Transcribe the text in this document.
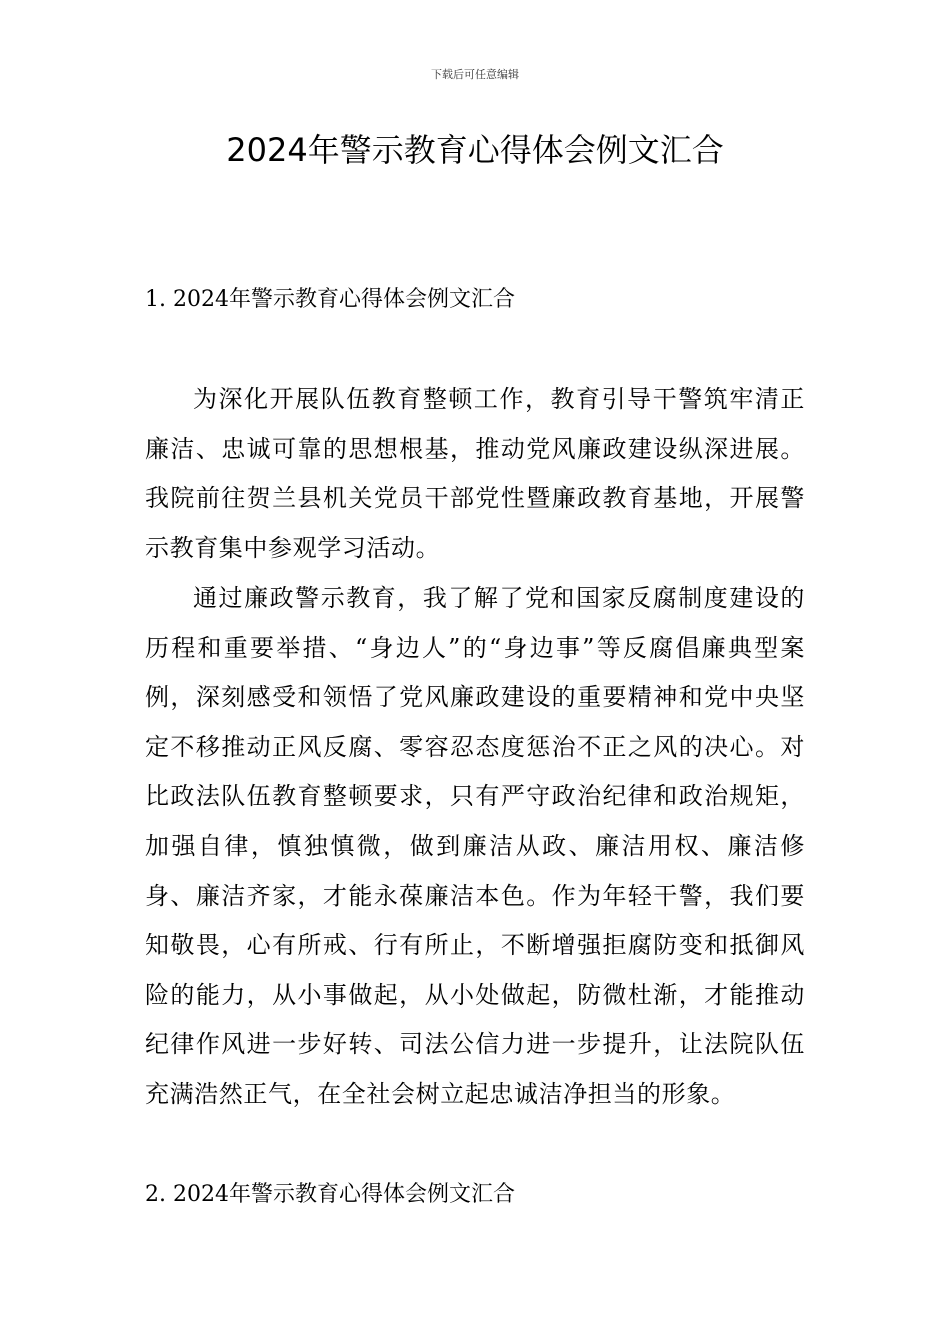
下载后可任意编辑
2024年警示教育心得体会例文汇合
1. 2024年警示教育心得体会例文汇合

为深化开展队伍教育整顿工作，教育引导干警筑牢清正廉洁、忠诚可靠的思想根基，推动党风廉政建设纵深进展。我院前往贺兰县机关党员干部党性暨廉政教育基地，开展警示教育集中参观学习活动。

通过廉政警示教育，我了解了党和国家反腐制度建设的历程和重要举措、“身边人”的“身边事”等反腐倡廉典型案例，深刻感受和领悟了党风廉政建设的重要精神和党中央坚定不移推动正风反腐、零容忍态度惩治不正之风的决心。对比政法队伍教育整顿要求，只有严守政治纪律和政治规矩，加强自律，慎独慎微，做到廉洁从政、廉洁用权、廉洁修身、廉洁齐家，才能永葆廉洁本色。作为年轻干警，我们要知敬畏，心有所戒、行有所止，不断增强拒腐防变和抵御风险的能力，从小事做起，从小处做起，防微杜渐，才能推动纪律作风进一步好转、司法公信力进一步提升，让法院队伍充满浩然正气，在全社会树立起忠诚洁净担当的形象。

2. 2024年警示教育心得体会例文汇合
